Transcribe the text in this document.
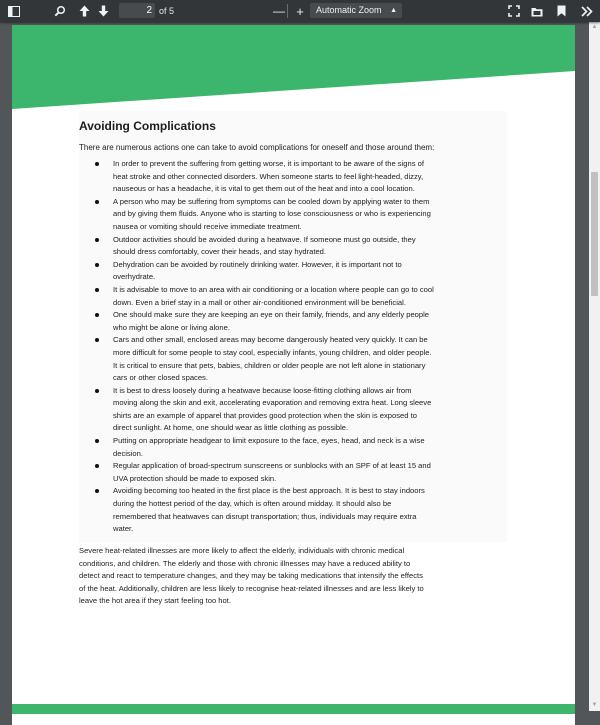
2 of 5	— +	Automatic Zoom ▲

Avoiding Complications

There are numerous actions one can take to avoid complications for oneself and those around them:

In order to prevent the suffering from getting worse, it is important to be aware of the signs of
heat stroke and other connected disorders. When someone starts to feel light-headed, dizzy,
nauseous or has a headache, it is vital to get them out of the heat and into a cool location.
A person who may be suffering from symptoms can be cooled down by applying water to them
and by giving them fluids. Anyone who is starting to lose consciousness or who is experiencing
nausea or vomiting should receive immediate treatment.
Outdoor activities should be avoided during a heatwave. If someone must go outside, they
should dress comfortably, cover their heads, and stay hydrated.
Dehydration can be avoided by routinely drinking water. However, it is important not to
overhydrate.
It is advisable to move to an area with air conditioning or a location where people can go to cool
down. Even a brief stay in a mall or other air-conditioned environment will be beneficial.
One should make sure they are keeping an eye on their family, friends, and any elderly people
who might be alone or living alone.
Cars and other small, enclosed areas may become dangerously heated very quickly. It can be
more difficult for some people to stay cool, especially infants, young children, and older people.
It is critical to ensure that pets, babies, children or older people are not left alone in stationary
cars or other closed spaces.
It is best to dress loosely during a heatwave because loose-fitting clothing allows air from
moving along the skin and exit, accelerating evaporation and removing extra heat. Long sleeve
shirts are an example of apparel that provides good protection when the skin is exposed to
direct sunlight. At home, one should wear as little clothing as possible.
Putting on appropriate headgear to limit exposure to the face, eyes, head, and neck is a wise
decision.
Regular application of broad-spectrum sunscreens or sunblocks with an SPF of at least 15 and
UVA protection should be made to exposed skin.
Avoiding becoming too heated in the first place is the best approach. It is best to stay indoors
during the hottest period of the day, which is often around midday. It should also be
remembered that heatwaves can disrupt transportation; thus, individuals may require extra
water.

Severe heat-related illnesses are more likely to affect the elderly, individuals with chronic medical
conditions, and children. The elderly and those with chronic illnesses may have a reduced ability to
detect and react to temperature changes, and they may be taking medications that intensify the effects
of the heat. Additionally, children are less likely to recognise heat-related illnesses and are less likely to
leave the hot area if they start feeling too hot.

▲
▼
